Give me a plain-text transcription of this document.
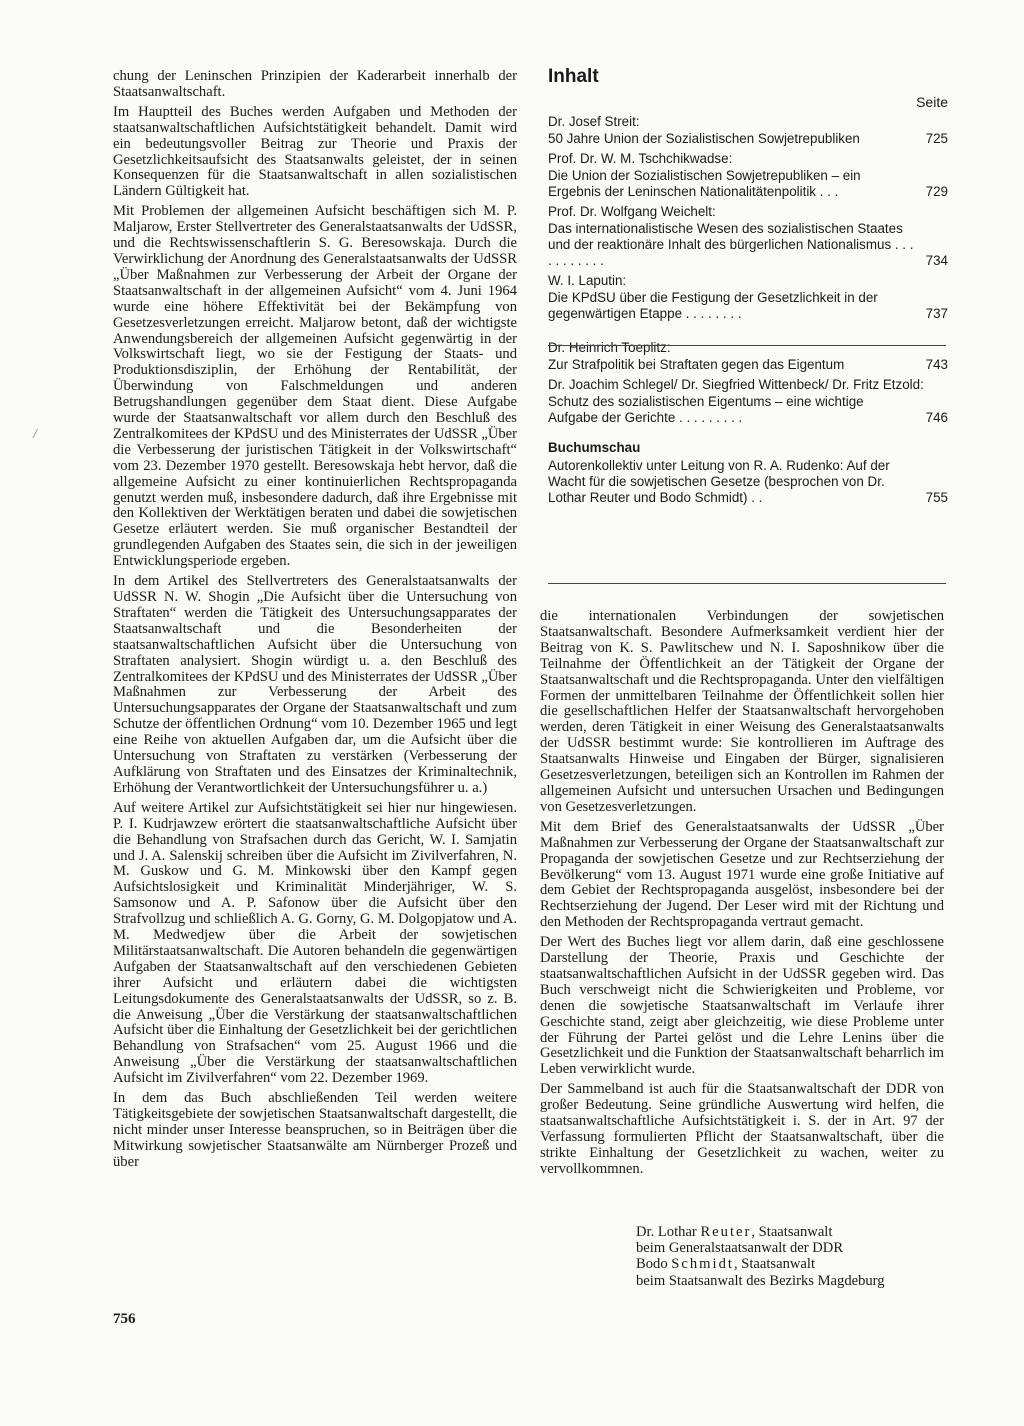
/

chung der Leninschen Prinzipien der Kaderarbeit innerhalb der Staatsanwaltschaft.

Im Hauptteil des Buches werden Aufgaben und Methoden der staatsanwaltschaftlichen Aufsichtstätigkeit behandelt. Damit wird ein bedeutungsvoller Beitrag zur Theorie und Praxis der Gesetzlichkeitsaufsicht des Staatsanwalts geleistet, der in seinen Konsequenzen für die Staatsanwaltschaft in allen sozialistischen Ländern Gültigkeit hat.

Mit Problemen der allgemeinen Aufsicht beschäftigen sich M. P. Maljarow, Erster Stellvertreter des Generalstaatsanwalts der UdSSR, und die Rechtswissenschaftlerin S. G. Beresowskaja. Durch die Verwirklichung der Anordnung des Generalstaatsanwalts der UdSSR „Über Maßnahmen zur Verbesserung der Arbeit der Organe der Staatsanwaltschaft in der allgemeinen Aufsicht“ vom 4. Juni 1964 wurde eine höhere Effektivität bei der Bekämpfung von Gesetzesverletzungen erreicht. Maljarow betont, daß der wichtigste Anwendungsbereich der allgemeinen Aufsicht gegenwärtig in der Volkswirtschaft liegt, wo sie der Festigung der Staats- und Produktionsdisziplin, der Erhöhung der Rentabilität, der Überwindung von Falschmeldungen und anderen Betrugshandlungen gegenüber dem Staat dient. Diese Aufgabe wurde der Staatsanwaltschaft vor allem durch den Beschluß des Zentralkomitees der KPdSU und des Ministerrates der UdSSR „Über die Verbesserung der juristischen Tätigkeit in der Volkswirtschaft“ vom 23. Dezember 1970 gestellt. Beresowskaja hebt hervor, daß die allgemeine Aufsicht zu einer kontinuierlichen Rechtspropaganda genutzt werden muß, insbesondere dadurch, daß ihre Ergebnisse mit den Kollektiven der Werktätigen beraten und dabei die sowjetischen Gesetze erläutert werden. Sie muß organischer Bestandteil der grundlegenden Aufgaben des Staates sein, die sich in der jeweiligen Entwicklungsperiode ergeben.

In dem Artikel des Stellvertreters des Generalstaatsanwalts der UdSSR N. W. Shogin „Die Aufsicht über die Untersuchung von Straftaten“ werden die Tätigkeit des Untersuchungsapparates der Staatsanwaltschaft und die Besonderheiten der staatsanwaltschaftlichen Aufsicht über die Untersuchung von Straftaten analysiert. Shogin würdigt u. a. den Beschluß des Zentralkomitees der KPdSU und des Ministerrates der UdSSR „Über Maßnahmen zur Verbesserung der Arbeit des Untersuchungsapparates der Organe der Staatsanwaltschaft und zum Schutze der öffentlichen Ordnung“ vom 10. Dezember 1965 und legt eine Reihe von aktuellen Aufgaben dar, um die Aufsicht über die Untersuchung von Straftaten zu verstärken (Verbesserung der Aufklärung von Straftaten und des Einsatzes der Kriminaltechnik, Erhöhung der Verantwortlichkeit der Untersuchungsführer u. a.)

Auf weitere Artikel zur Aufsichtstätigkeit sei hier nur hingewiesen. P. I. Kudrjawzew erörtert die staatsanwaltschaftliche Aufsicht über die Behandlung von Strafsachen durch das Gericht, W. I. Samjatin und J. A. Salenskij schreiben über die Aufsicht im Zivilverfahren, N. M. Guskow und G. M. Minkowski über den Kampf gegen Aufsichtslosigkeit und Kriminalität Minderjähriger, W. S. Samsonow und A. P. Safonow über die Aufsicht über den Strafvollzug und schließlich A. G. Gorny, G. M. Dolgopjatow und A. M. Medwedjew über die Arbeit der sowjetischen Militärstaatsanwaltschaft. Die Autoren behandeln die gegenwärtigen Aufgaben der Staatsanwaltschaft auf den verschiedenen Gebieten ihrer Aufsicht und erläutern dabei die wichtigsten Leitungsdokumente des Generalstaatsanwalts der UdSSR, so z. B. die Anweisung „Über die Verstärkung der staatsanwaltschaftlichen Aufsicht über die Einhaltung der Gesetzlichkeit bei der gerichtlichen Behandlung von Strafsachen“ vom 25. August 1966 und die Anweisung „Über die Verstärkung der staatsanwaltschaftlichen Aufsicht im Zivilverfahren“ vom 22. Dezember 1969.

In dem das Buch abschließenden Teil werden weitere Tätigkeitsgebiete der sowjetischen Staatsanwaltschaft dargestellt, die nicht minder unser Interesse beanspruchen, so in Beiträgen über die Mitwirkung sowjetischer Staatsanwälte am Nürnberger Prozeß und über

Inhalt
Seite
Dr. Josef Streit:
50 Jahre Union der Sozialistischen Sowjetrepubliken	725
Prof. Dr. W. M. Tschchikwadse:
Die Union der Sozialistischen Sowjetrepubliken – ein Ergebnis der Leninschen Nationalitätenpolitik . . .	729
Prof. Dr. Wolfgang Weichelt:
Das internationalistische Wesen des sozialistischen Staates und der reaktionäre Inhalt des bürgerlichen Nationalismus . . . . . . . . . . .	734
W. I. Laputin:
Die KPdSU über die Festigung der Gesetzlichkeit in der gegenwärtigen Etappe . . . . . . . .	737
Dr. Heinrich Toeplitz:
Zur Strafpolitik bei Straftaten gegen das Eigentum	743
Dr. Joachim Schlegel/ Dr. Siegfried Wittenbeck/ Dr. Fritz Etzold:
Schutz des sozialistischen Eigentums – eine wichtige Aufgabe der Gerichte . . . . . . . . .	746
Buchumschau
Autorenkollektiv unter Leitung von R. A. Rudenko: Auf der Wacht für die sowjetischen Gesetze (besprochen von Dr. Lothar Reuter und Bodo Schmidt) . .	755

die internationalen Verbindungen der sowjetischen Staatsanwaltschaft. Besondere Aufmerksamkeit verdient hier der Beitrag von K. S. Pawlitschew und N. I. Saposhnikow über die Teilnahme der Öffentlichkeit an der Tätigkeit der Organe der Staatsanwaltschaft und die Rechtspropaganda. Unter den vielfältigen Formen der unmittelbaren Teilnahme der Öffentlichkeit sollen hier die gesellschaftlichen Helfer der Staatsanwaltschaft hervorgehoben werden, deren Tätigkeit in einer Weisung des Generalstaatsanwalts der UdSSR bestimmt wurde: Sie kontrollieren im Auftrage des Staatsanwalts Hinweise und Eingaben der Bürger, signalisieren Gesetzesverletzungen, beteiligen sich an Kontrollen im Rahmen der allgemeinen Aufsicht und untersuchen Ursachen und Bedingungen von Gesetzesverletzungen.

Mit dem Brief des Generalstaatsanwalts der UdSSR „Über Maßnahmen zur Verbesserung der Organe der Staatsanwaltschaft zur Propaganda der sowjetischen Gesetze und zur Rechtserziehung der Bevölkerung“ vom 13. August 1971 wurde eine große Initiative auf dem Gebiet der Rechtspropaganda ausgelöst, insbesondere bei der Rechtserziehung der Jugend. Der Leser wird mit der Richtung und den Methoden der Rechtspropaganda vertraut gemacht.

Der Wert des Buches liegt vor allem darin, daß eine geschlossene Darstellung der Theorie, Praxis und Geschichte der staatsanwaltschaftlichen Aufsicht in der UdSSR gegeben wird. Das Buch verschweigt nicht die Schwierigkeiten und Probleme, vor denen die sowjetische Staatsanwaltschaft im Verlaufe ihrer Geschichte stand, zeigt aber gleichzeitig, wie diese Probleme unter der Führung der Partei gelöst und die Lehre Lenins über die Gesetzlichkeit und die Funktion der Staatsanwaltschaft beharrlich im Leben verwirklicht wurde.

Der Sammelband ist auch für die Staatsanwaltschaft der DDR von großer Bedeutung. Seine gründliche Auswertung wird helfen, die staatsanwaltschaftliche Aufsichtstätigkeit i. S. der in Art. 97 der Verfassung formulierten Pflicht der Staatsanwaltschaft, über die strikte Einhaltung der Gesetzlichkeit zu wachen, weiter zu vervollkommnen.

Dr. Lothar Reuter, Staatsanwalt
beim Generalstaatsanwalt der DDR
Bodo Schmidt, Staatsanwalt
beim Staatsanwalt des Bezirks Magdeburg
756
